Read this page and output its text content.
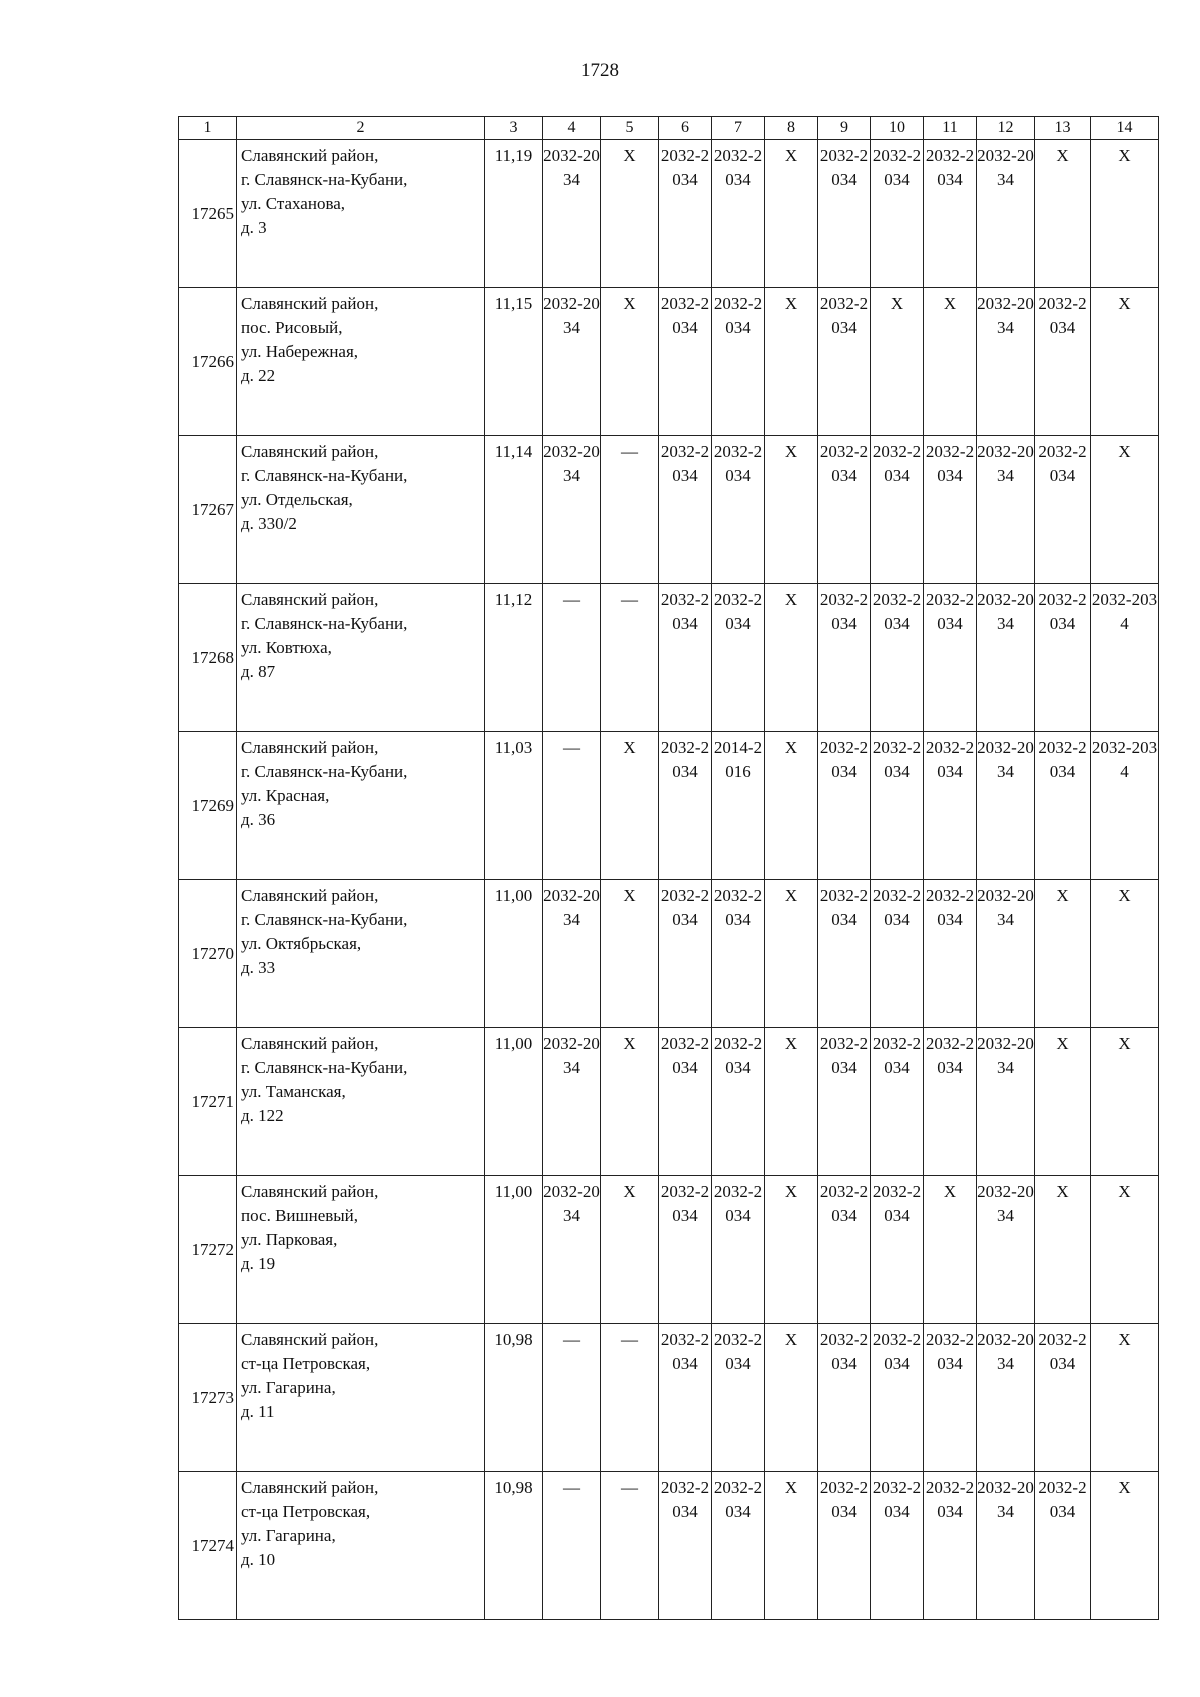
1728
1	2	3	4	5	6	7	8	9	10	11	12	13	14
17265	Славянский район,
г. Славянск-на-Кубани,
ул. Стаханова,
д. 3	11,19	2032-2034	X	2032-2034	2032-2034	X	2032-2034	2032-2034	2032-2034	2032-2034	X	X
17266	Славянский район,
пос. Рисовый,
ул. Набережная,
д. 22	11,15	2032-2034	X	2032-2034	2032-2034	X	2032-2034	X	X	2032-2034	2032-2034	X
17267	Славянский район,
г. Славянск-на-Кубани,
ул. Отдельская,
д. 330/2	11,14	2032-2034	—	2032-2034	2032-2034	X	2032-2034	2032-2034	2032-2034	2032-2034	2032-2034	X
17268	Славянский район,
г. Славянск-на-Кубани,
ул. Ковтюха,
д. 87	11,12	—	—	2032-2034	2032-2034	X	2032-2034	2032-2034	2032-2034	2032-2034	2032-2034	2032-2034
17269	Славянский район,
г. Славянск-на-Кубани,
ул. Красная,
д. 36	11,03	—	X	2032-2034	2014-2016	X	2032-2034	2032-2034	2032-2034	2032-2034	2032-2034	2032-2034
17270	Славянский район,
г. Славянск-на-Кубани,
ул. Октябрьская,
д. 33	11,00	2032-2034	X	2032-2034	2032-2034	X	2032-2034	2032-2034	2032-2034	2032-2034	X	X
17271	Славянский район,
г. Славянск-на-Кубани,
ул. Таманская,
д. 122	11,00	2032-2034	X	2032-2034	2032-2034	X	2032-2034	2032-2034	2032-2034	2032-2034	X	X
17272	Славянский район,
пос. Вишневый,
ул. Парковая,
д. 19	11,00	2032-2034	X	2032-2034	2032-2034	X	2032-2034	2032-2034	X	2032-2034	X	X
17273	Славянский район,
ст-ца Петровская,
ул. Гагарина,
д. 11	10,98	—	—	2032-2034	2032-2034	X	2032-2034	2032-2034	2032-2034	2032-2034	2032-2034	X
17274	Славянский район,
ст-ца Петровская,
ул. Гагарина,
д. 10	10,98	—	—	2032-2034	2032-2034	X	2032-2034	2032-2034	2032-2034	2032-2034	2032-2034	X
